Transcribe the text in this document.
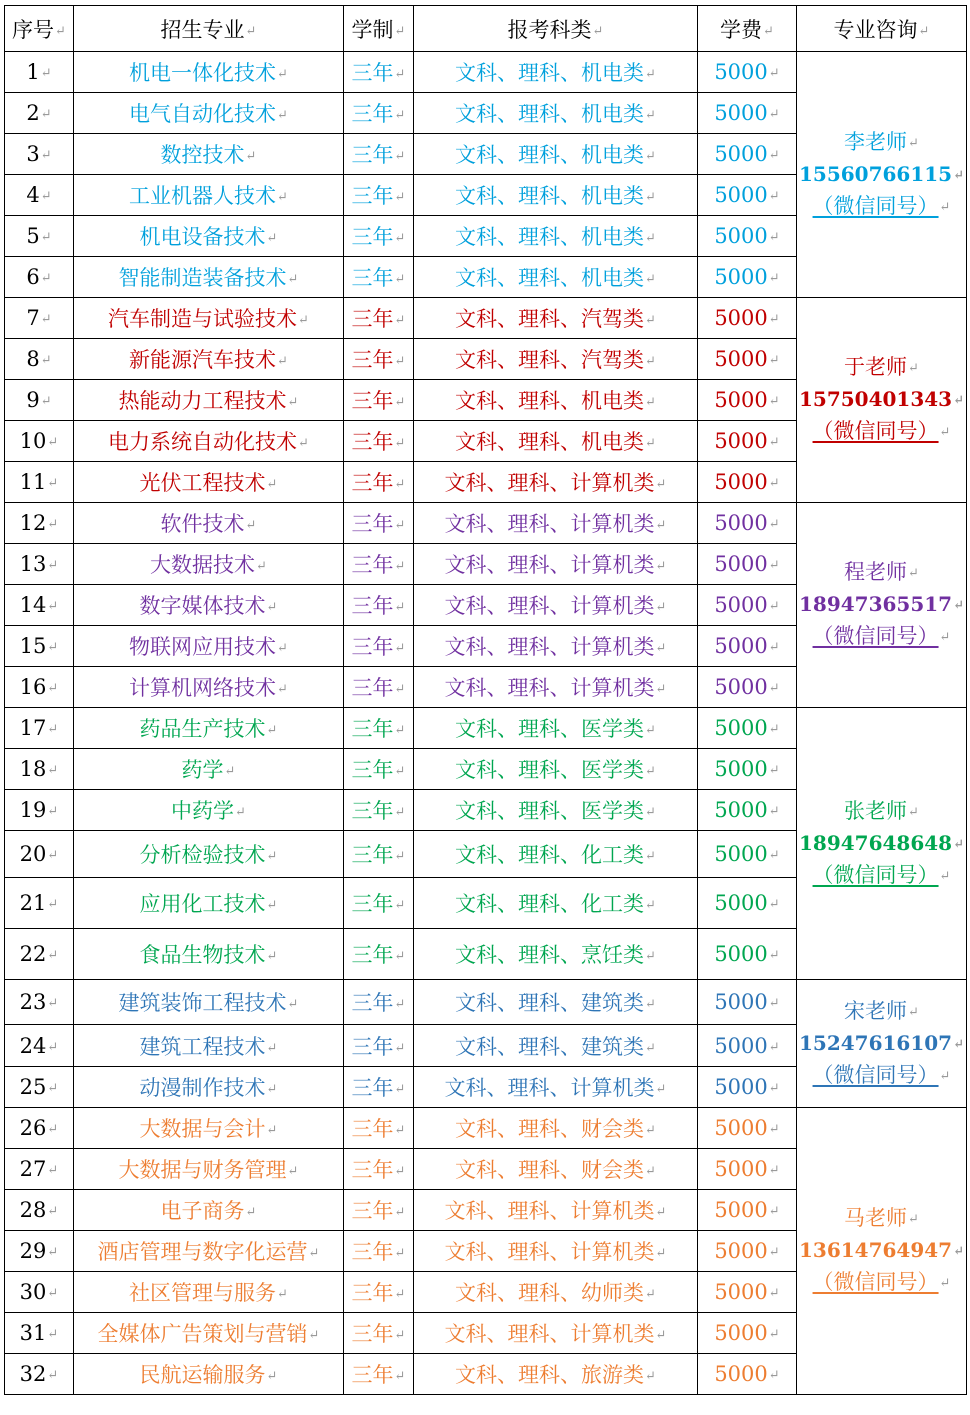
序号↵	招生专业↵	学制↵	报考科类↵	学费↵	专业咨询↵
1↵	机电一体化技术↵	三年↵	文科、理科、机电类↵	5000↵	李老师↵
15560766115↵
（微信同号）↵

2↵	电气自动化技术↵	三年↵	文科、理科、机电类↵	5000↵	
3↵	数控技术↵	三年↵	文科、理科、机电类↵	5000↵	
4↵	工业机器人技术↵	三年↵	文科、理科、机电类↵	5000↵	
5↵	机电设备技术↵	三年↵	文科、理科、机电类↵	5000↵	
6↵	智能制造装备技术↵	三年↵	文科、理科、机电类↵	5000↵	
7↵	汽车制造与试验技术↵	三年↵	文科、理科、汽驾类↵	5000↵	于老师↵
15750401343↵
（微信同号）↵

8↵	新能源汽车技术↵	三年↵	文科、理科、汽驾类↵	5000↵	
9↵	热能动力工程技术↵	三年↵	文科、理科、机电类↵	5000↵	
10↵	电力系统自动化技术↵	三年↵	文科、理科、机电类↵	5000↵	
11↵	光伏工程技术↵	三年↵	文科、理科、计算机类↵	5000↵	
12↵	软件技术↵	三年↵	文科、理科、计算机类↵	5000↵	程老师↵
18947365517↵
（微信同号）↵

13↵	大数据技术↵	三年↵	文科、理科、计算机类↵	5000↵	
14↵	数字媒体技术↵	三年↵	文科、理科、计算机类↵	5000↵	
15↵	物联网应用技术↵	三年↵	文科、理科、计算机类↵	5000↵	
16↵	计算机网络技术↵	三年↵	文科、理科、计算机类↵	5000↵	
17↵	药品生产技术↵	三年↵	文科、理科、医学类↵	5000↵	张老师↵
18947648648↵
（微信同号）↵

18↵	药学↵	三年↵	文科、理科、医学类↵	5000↵	
19↵	中药学↵	三年↵	文科、理科、医学类↵	5000↵	
20↵	分析检验技术↵	三年↵	文科、理科、化工类↵	5000↵	
21↵	应用化工技术↵	三年↵	文科、理科、化工类↵	5000↵	
22↵	食品生物技术↵	三年↵	文科、理科、烹饪类↵	5000↵	
23↵	建筑装饰工程技术↵	三年↵	文科、理科、建筑类↵	5000↵	宋老师↵
15247616107↵
（微信同号）↵

24↵	建筑工程技术↵	三年↵	文科、理科、建筑类↵	5000↵	
25↵	动漫制作技术↵	三年↵	文科、理科、计算机类↵	5000↵	
26↵	大数据与会计↵	三年↵	文科、理科、财会类↵	5000↵	马老师↵
13614764947↵
（微信同号）↵

27↵	大数据与财务管理↵	三年↵	文科、理科、财会类↵	5000↵	
28↵	电子商务↵	三年↵	文科、理科、计算机类↵	5000↵	
29↵	酒店管理与数字化运营↵	三年↵	文科、理科、计算机类↵	5000↵	
30↵	社区管理与服务↵	三年↵	文科、理科、幼师类↵	5000↵	
31↵	全媒体广告策划与营销↵	三年↵	文科、理科、计算机类↵	5000↵	
32↵	民航运输服务↵	三年↵	文科、理科、旅游类↵	5000↵	
